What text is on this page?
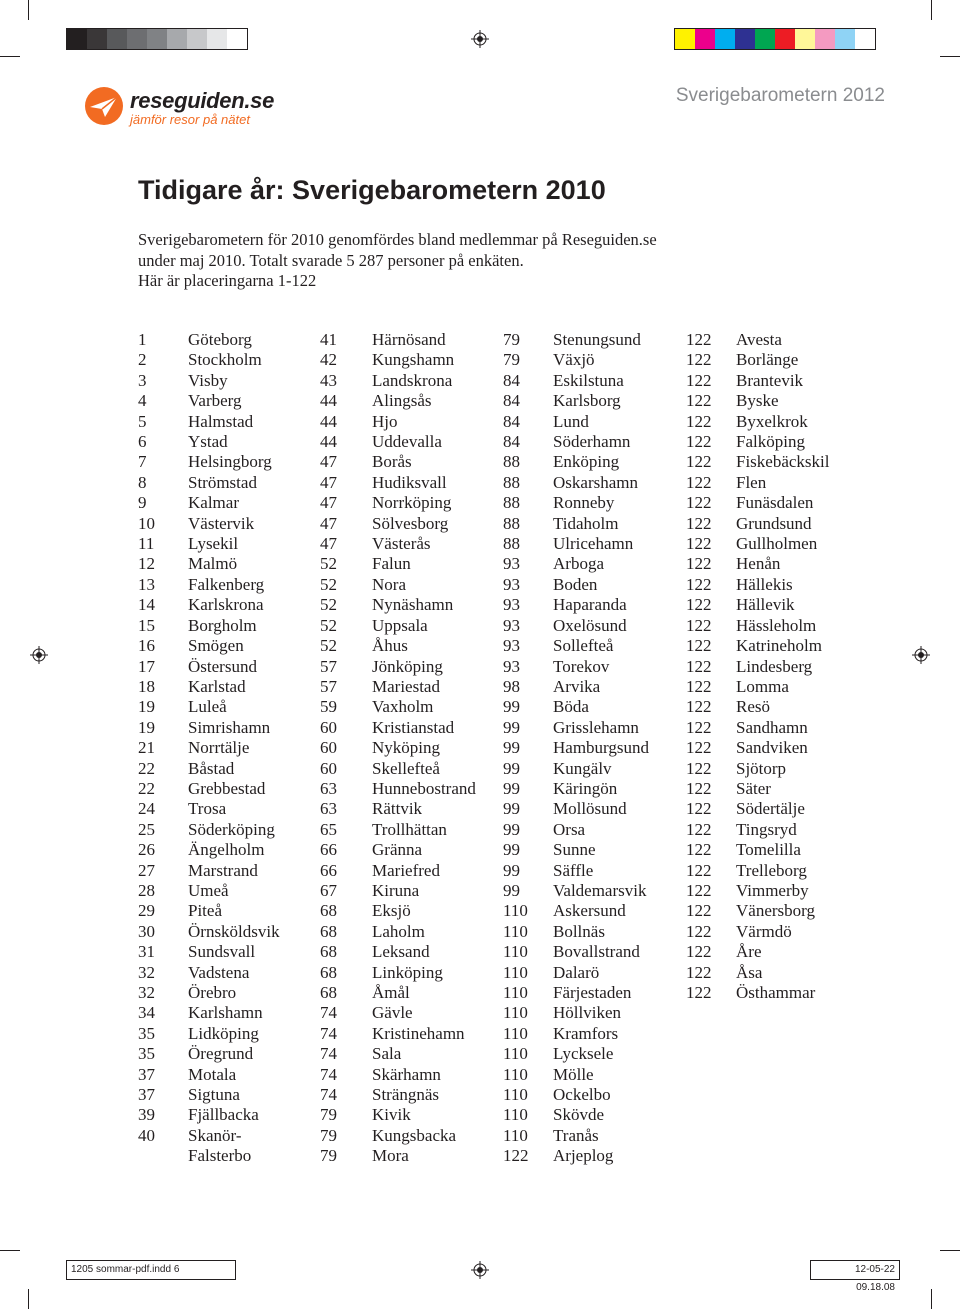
reseguiden.se
jämför resor på nätet
Sverigebarometern 2012
Tidigare år: Sverigebarometern 2010
Sverigebarometern för 2010 genomfördes bland medlemmar på Reseguiden.se
under maj 2010. Totalt svarade 5 287 personer på enkäten.
Här är placeringarna 1-122
1	Göteborg
2	Stockholm
3	Visby
4	Varberg
5	Halmstad
6	Ystad
7	Helsingborg
8	Strömstad
9	Kalmar
10	Västervik
11	Lysekil
12	Malmö
13	Falkenberg
14	Karlskrona
15	Borgholm
16	Smögen
17	Östersund
18	Karlstad
19	Luleå
19	Simrishamn
21	Norrtälje
22	Båstad
22	Grebbestad
24	Trosa
25	Söderköping
26	Ängelholm
27	Marstrand
28	Umeå
29	Piteå
30	Örnsköldsvik
31	Sundsvall
32	Vadstena
32	Örebro
34	Karlshamn
35	Lidköping
35	Öregrund
37	Motala
37	Sigtuna
39	Fjällbacka
40	Skanör-
Falsterbo
41	Härnösand
42	Kungshamn
43	Landskrona
44	Alingsås
44	Hjo
44	Uddevalla
47	Borås
47	Hudiksvall
47	Norrköping
47	Sölvesborg
47	Västerås
52	Falun
52	Nora
52	Nynäshamn
52	Uppsala
52	Åhus
57	Jönköping
57	Mariestad
59	Vaxholm
60	Kristianstad
60	Nyköping
60	Skellefteå
63	Hunnebostrand
63	Rättvik
65	Trollhättan
66	Gränna
66	Mariefred
67	Kiruna
68	Eksjö
68	Laholm
68	Leksand
68	Linköping
68	Åmål
74	Gävle
74	Kristinehamn
74	Sala
74	Skärhamn
74	Strängnäs
79	Kivik
79	Kungsbacka
79	Mora
79	Stenungsund
79	Växjö
84	Eskilstuna
84	Karlsborg
84	Lund
84	Söderhamn
88	Enköping
88	Oskarshamn
88	Ronneby
88	Tidaholm
88	Ulricehamn
93	Arboga
93	Boden
93	Haparanda
93	Oxelösund
93	Sollefteå
93	Torekov
98	Arvika
99	Böda
99	Grisslehamn
99	Hamburgsund
99	Kungälv
99	Käringön
99	Mollösund
99	Orsa
99	Sunne
99	Säffle
99	Valdemarsvik
110	Askersund
110	Bollnäs
110	Bovallstrand
110	Dalarö
110	Färjestaden
110	Höllviken
110	Kramfors
110	Lycksele
110	Mölle
110	Ockelbo
110	Skövde
110	Tranås
122	Arjeplog
122	Avesta
122	Borlänge
122	Brantevik
122	Byske
122	Byxelkrok
122	Falköping
122	Fiskebäckskil
122	Flen
122	Funäsdalen
122	Grundsund
122	Gullholmen
122	Henån
122	Hällekis
122	Hällevik
122	Hässleholm
122	Katrineholm
122	Lindesberg
122	Lomma
122	Resö
122	Sandhamn
122	Sandviken
122	Sjötorp
122	Säter
122	Södertälje
122	Tingsryd
122	Tomelilla
122	Trelleborg
122	Vimmerby
122	Vänersborg
122	Värmdö
122	Åre
122	Åsa
122	Östhammar
1205 sommar-pdf.indd 6	12-05-22 09.18.08
